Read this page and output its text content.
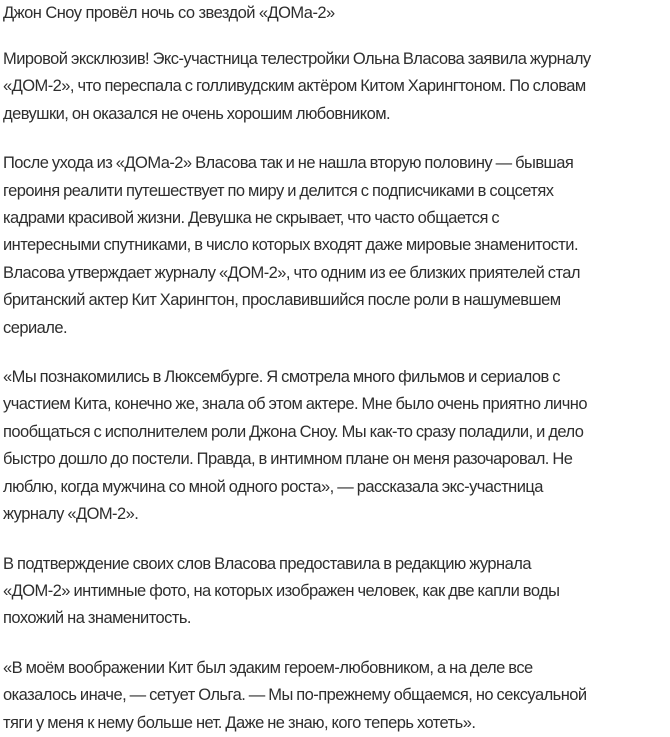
Джон Сноу провёл ночь со звездой «ДОМа-2»
Мировой эксклюзив! Экс-участница телестройки Ольна Власова заявила журналу
«ДОМ-2», что переспала с голливудским актёром Китом Харингтоном. По словам
девушки, он оказался не очень хорошим любовником.
После ухода из «ДОМа-2» Власова так и не нашла вторую половину — бывшая
героиня реалити путешествует по миру и делится с подписчиками в соцсетях
кадрами красивой жизни. Девушка не скрывает, что часто общается с
интересными спутниками, в число которых входят даже мировые знаменитости.
Власова утверждает журналу «ДОМ-2», что одним из ее близких приятелей стал
британский актер Кит Харингтон, прославившийся после роли в нашумевшем
сериале.
«Мы познакомились в Люксембурге. Я смотрела много фильмов и сериалов с
участием Кита, конечно же, знала об этом актере. Мне было очень приятно лично
пообщаться с исполнителем роли Джона Сноу. Мы как-то сразу поладили, и дело
быстро дошло до постели. Правда, в интимном плане он меня разочаровал. Не
люблю, когда мужчина со мной одного роста», — рассказала экс-участница
журналу «ДОМ-2».
В подтверждение своих слов Власова предоставила в редакцию журнала
«ДОМ-2» интимные фото, на которых изображен человек, как две капли воды
похожий на знаменитость.
«В моём воображении Кит был эдаким героем-любовником, а на деле все
оказалось иначе, — сетует Ольга. — Мы по-прежнему общаемся, но сексуальной
тяги у меня к нему больше нет. Даже не знаю, кого теперь хотеть».
